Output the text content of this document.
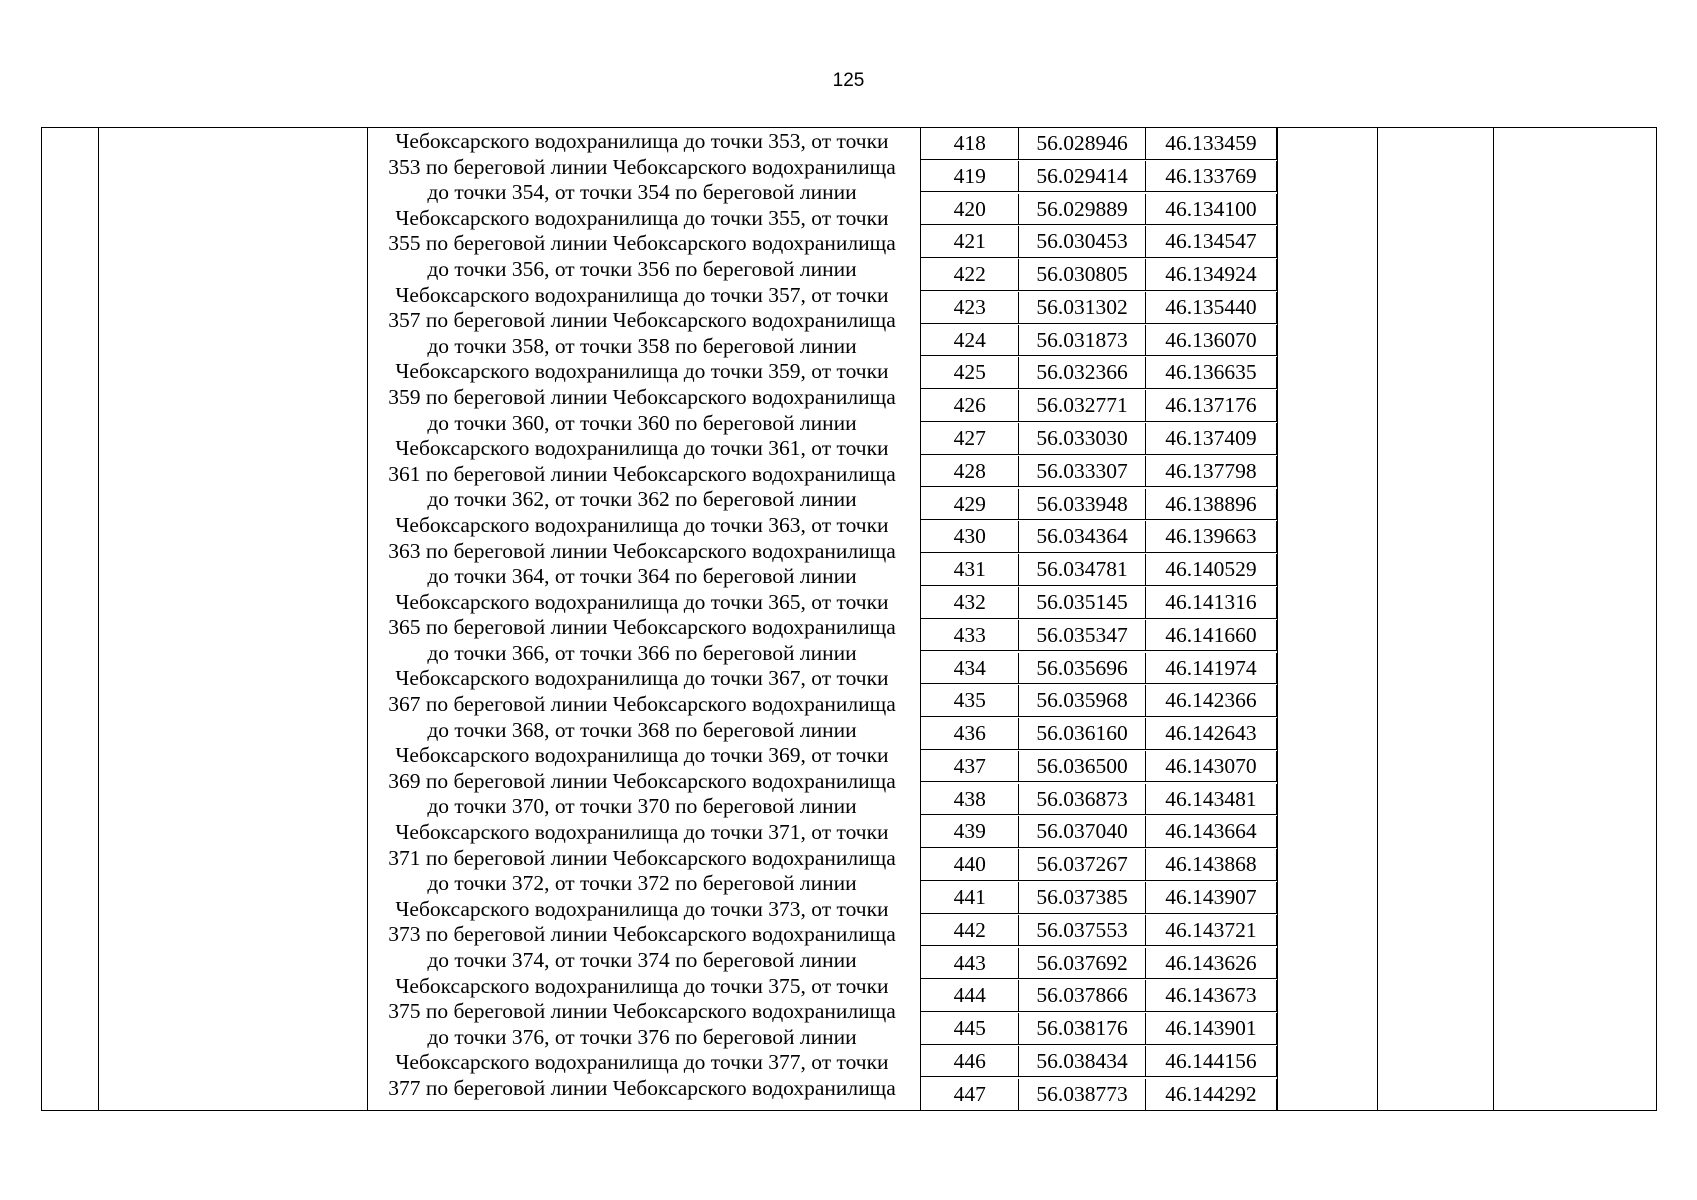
125
Чебоксарского водохранилища до точки 353, от точки
353 по береговой линии Чебоксарского водохранилища
до точки 354, от точки 354 по береговой линии
Чебоксарского водохранилища до точки 355, от точки
355 по береговой линии Чебоксарского водохранилища
до точки 356, от точки 356 по береговой линии
Чебоксарского водохранилища до точки 357, от точки
357 по береговой линии Чебоксарского водохранилища
до точки 358, от точки 358 по береговой линии
Чебоксарского водохранилища до точки 359, от точки
359 по береговой линии Чебоксарского водохранилища
до точки 360, от точки 360 по береговой линии
Чебоксарского водохранилища до точки 361, от точки
361 по береговой линии Чебоксарского водохранилища
до точки 362, от точки 362 по береговой линии
Чебоксарского водохранилища до точки 363, от точки
363 по береговой линии Чебоксарского водохранилища
до точки 364, от точки 364 по береговой линии
Чебоксарского водохранилища до точки 365, от точки
365 по береговой линии Чебоксарского водохранилища
до точки 366, от точки 366 по береговой линии
Чебоксарского водохранилища до точки 367, от точки
367 по береговой линии Чебоксарского водохранилища
до точки 368, от точки 368 по береговой линии
Чебоксарского водохранилища до точки 369, от точки
369 по береговой линии Чебоксарского водохранилища
до точки 370, от точки 370 по береговой линии
Чебоксарского водохранилища до точки 371, от точки
371 по береговой линии Чебоксарского водохранилища
до точки 372, от точки 372 по береговой линии
Чебоксарского водохранилища до точки 373, от точки
373 по береговой линии Чебоксарского водохранилища
до точки 374, от точки 374 по береговой линии
Чебоксарского водохранилища до точки 375, от точки
375 по береговой линии Чебоксарского водохранилища
до точки 376, от точки 376 по береговой линии
Чебоксарского водохранилища до точки 377, от точки
377 по береговой линии Чебоксарского водохранилища
418	56.028946	46.133459
419	56.029414	46.133769
420	56.029889	46.134100
421	56.030453	46.134547
422	56.030805	46.134924
423	56.031302	46.135440
424	56.031873	46.136070
425	56.032366	46.136635
426	56.032771	46.137176
427	56.033030	46.137409
428	56.033307	46.137798
429	56.033948	46.138896
430	56.034364	46.139663
431	56.034781	46.140529
432	56.035145	46.141316
433	56.035347	46.141660
434	56.035696	46.141974
435	56.035968	46.142366
436	56.036160	46.142643
437	56.036500	46.143070
438	56.036873	46.143481
439	56.037040	46.143664
440	56.037267	46.143868
441	56.037385	46.143907
442	56.037553	46.143721
443	56.037692	46.143626
444	56.037866	46.143673
445	56.038176	46.143901
446	56.038434	46.144156
447	56.038773	46.144292
